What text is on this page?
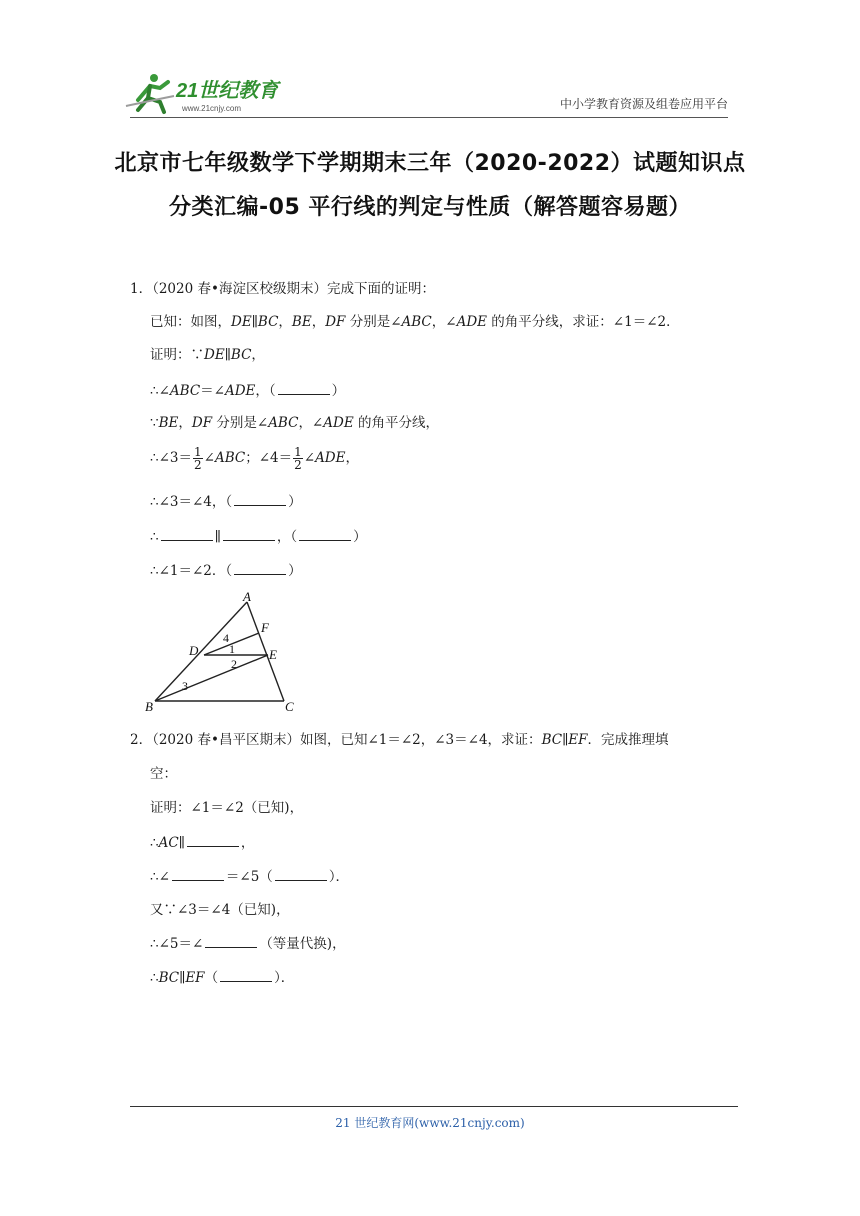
21世纪教育
www.21cnjy.com	中小学教育资源及组卷应用平台
北京市七年级数学下学期期末三年（2020-2022）试题知识点
分类汇编-05 平行线的判定与性质（解答题容易题）
1．（2020 春•海淀区校级期末）完成下面的证明：
已知：如图，DE∥BC，BE，DF 分别是∠ABC，∠ADE 的角平分线，求证：∠1＝∠2．
证明：∵DE∥BC，
∴∠ABC＝∠ADE，（	）
∵BE，DF 分别是∠ABC，∠ADE 的角平分线，
∴∠3＝ $\frac{1}{2}$ ∠ABC；∠4＝ $\frac{1}{2}$ ∠ADE，
∴∠3＝∠4，（	）
∴	∥	，（	）
∴∠1＝∠2．（	）
A
B	C
D	E
F
1
2
3
4
2．（2020 春•昌平区期末）如图，已知∠1＝∠2，∠3＝∠4，求证：BC∥EF．完成推理填
空：
证明：∠1＝∠2（已知)，
∴AC∥	，
∴∠	＝∠5（	）．
又∵∠3＝∠4（已知)，
∴∠5＝∠	（等量代换)，
∴BC∥EF（	）．
21 世纪教育网(www.21cnjy.com)
